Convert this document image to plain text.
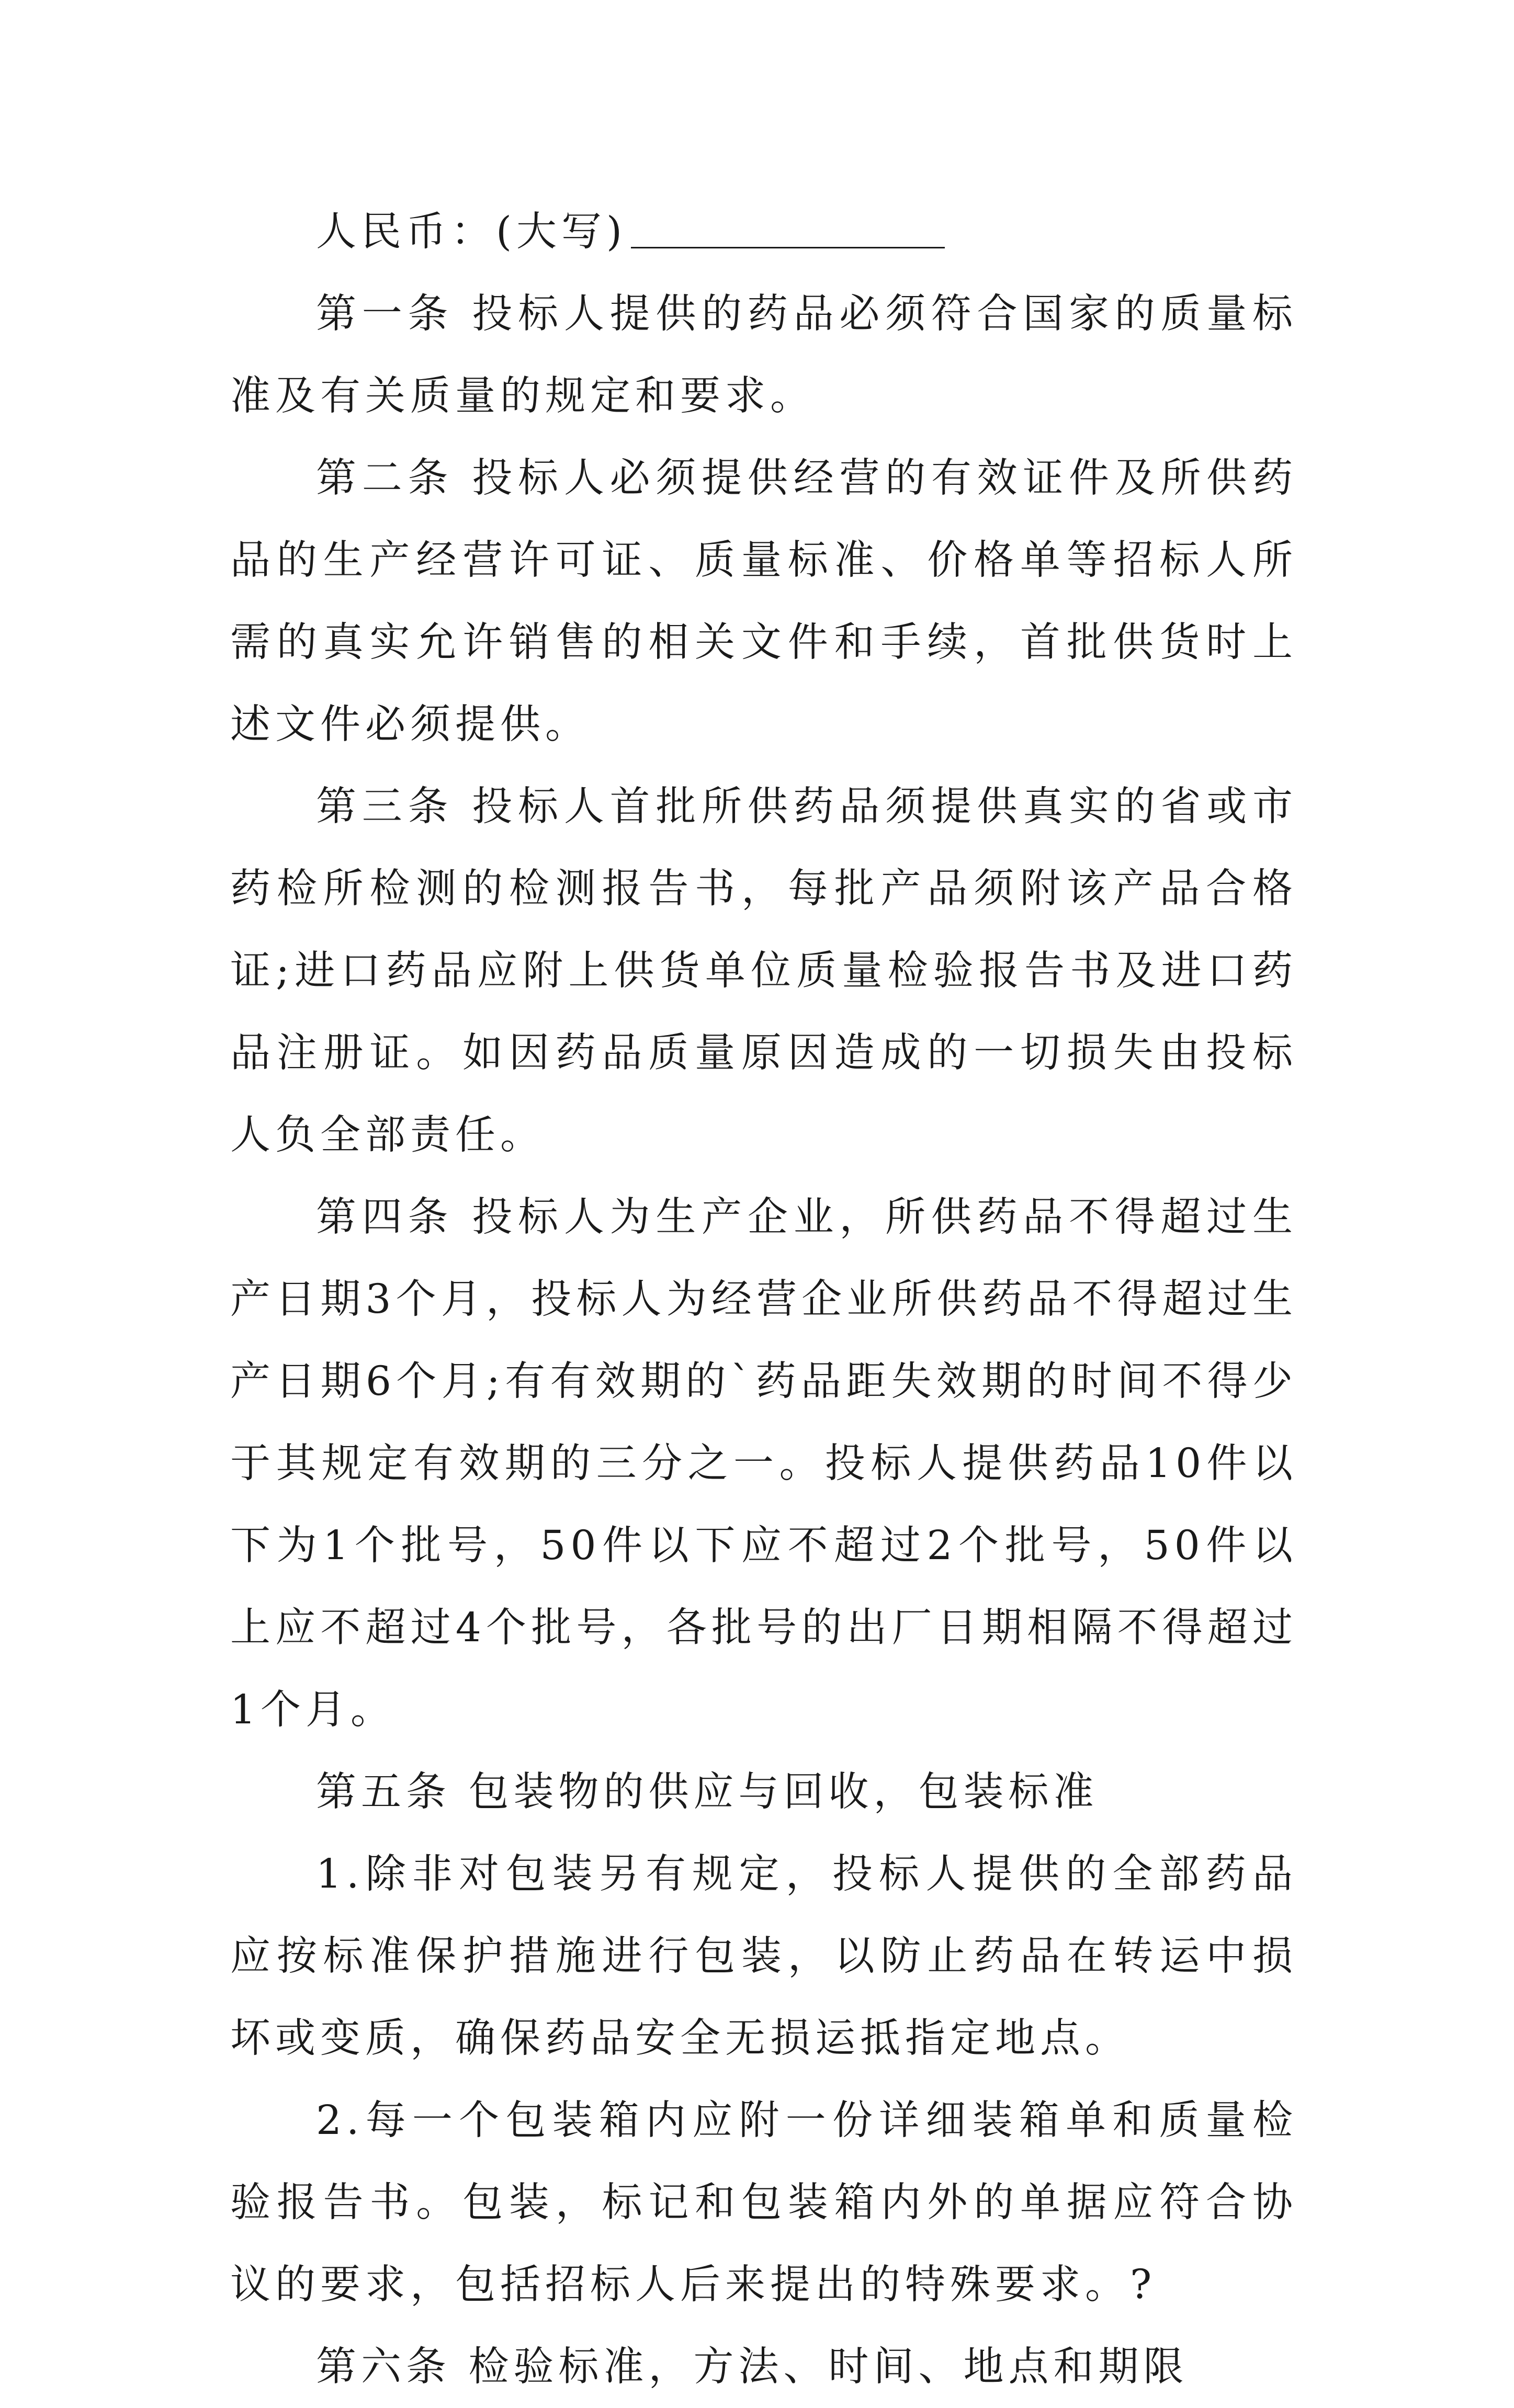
人民币：(大写)

第一条 投标人提供的药品必须符合国家的质量标准及有关质量的规定和要求。

第二条 投标人必须提供经营的有效证件及所供药品的生产经营许可证、质量标准、价格单等招标人所需的真实允许销售的相关文件和手续，首批供货时上述文件必须提供。

第三条 投标人首批所供药品须提供真实的省或市药检所检测的检测报告书，每批产品须附该产品合格证;进口药品应附上供货单位质量检验报告书及进口药品注册证。如因药品质量原因造成的一切损失由投标人负全部责任。

第四条 投标人为生产企业，所供药品不得超过生产日期3个月，投标人为经营企业所供药品不得超过生产日期6个月;有有效期的`药品距失效期的时间不得少于其规定有效期的三分之一。投标人提供药品10件以下为1个批号，50件以下应不超过2个批号，50件以上应不超过4个批号，各批号的出厂日期相隔不得超过1个月。

第五条 包装物的供应与回收，包装标准

1.除非对包装另有规定，投标人提供的全部药品应按标准保护措施进行包装，以防止药品在转运中损坏或变质，确保药品安全无损运抵指定地点。

2.每一个包装箱内应附一份详细装箱单和质量检验报告书。包装，标记和包装箱内外的单据应符合协议的要求，包括招标人后来提出的特殊要求。?

第六条 检验标准，方法、时间、地点和期限
